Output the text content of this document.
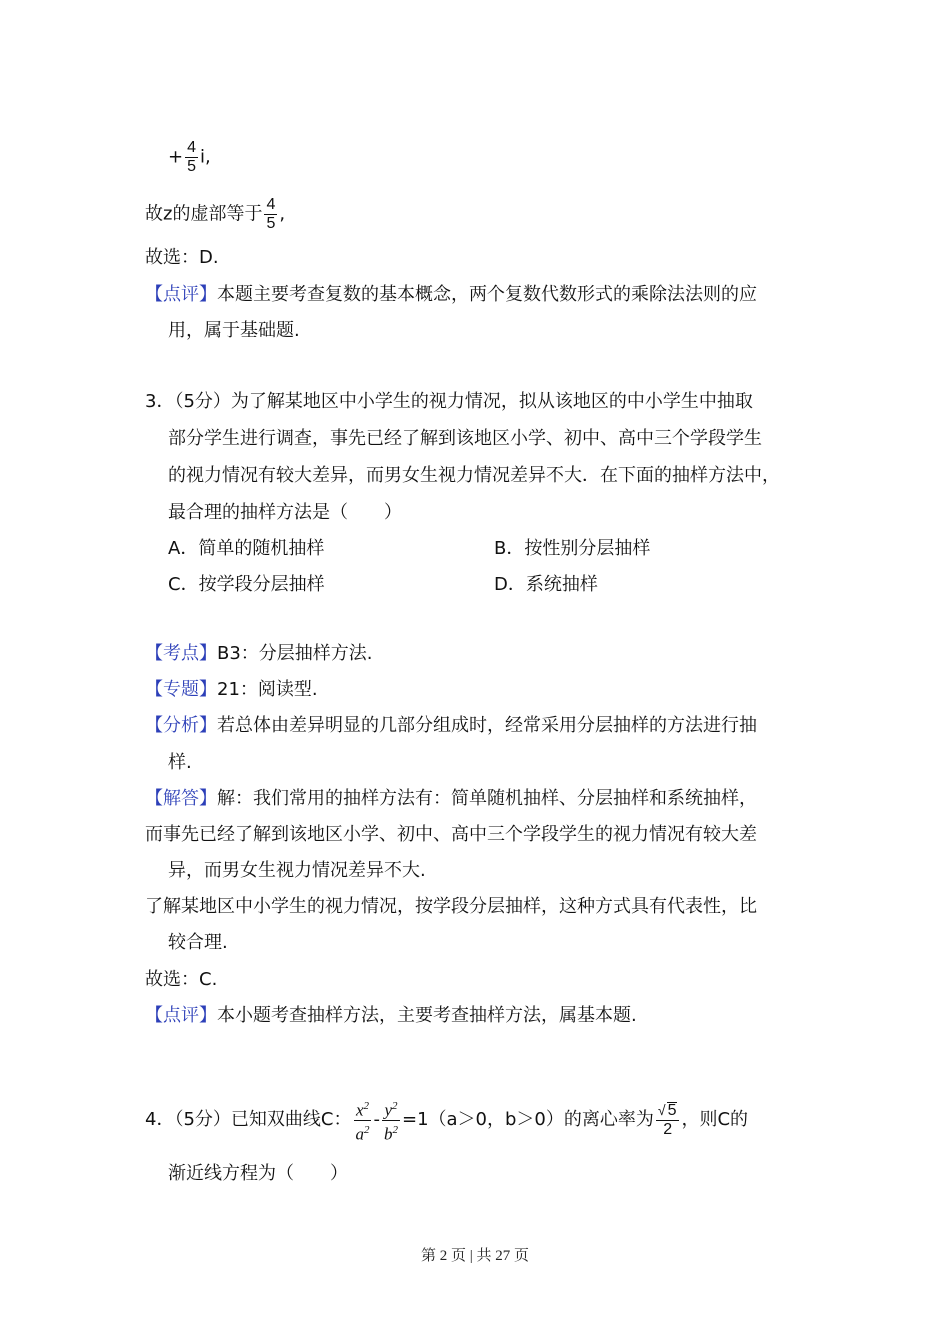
+ $\frac{4}{5} i$,
故z的虚部等于 $\frac{4}{5}$ ,
故选：D.
【点评】本题主要考查复数的基本概念，两个复数代数形式的乘除法法则的应
用，属于基础题.
3．（5分）为了解某地区中小学生的视力情况，拟从该地区的中小学生中抽取
部分学生进行调查，事先已经了解到该地区小学、初中、高中三个学段学生
的视力情况有较大差异，而男女生视力情况差异不大．在下面的抽样方法中，
最合理的抽样方法是（　　）
A．简单的随机抽样	B．按性别分层抽样
C．按学段分层抽样	D．系统抽样
【考点】B3：分层抽样方法.
【专题】21：阅读型.
【分析】若总体由差异明显的几部分组成时，经常采用分层抽样的方法进行抽
样.
【解答】解：我们常用的抽样方法有：简单随机抽样、分层抽样和系统抽样，
而事先已经了解到该地区小学、初中、高中三个学段学生的视力情况有较大差
异，而男女生视力情况差异不大.
了解某地区中小学生的视力情况，按学段分层抽样，这种方式具有代表性，比
较合理.
故选：C.
【点评】本小题考查抽样方法，主要考查抽样方法，属基本题.
4．（5分）已知双曲线C： $\frac{x^2}{a^2} - \frac{y^2}{b^2} =1(a>0$，b＞0）的离心率为 $\frac{√ 5}{2}$ ，则C的
渐近线方程为（　　）
第 2 页 | 共 27 页
